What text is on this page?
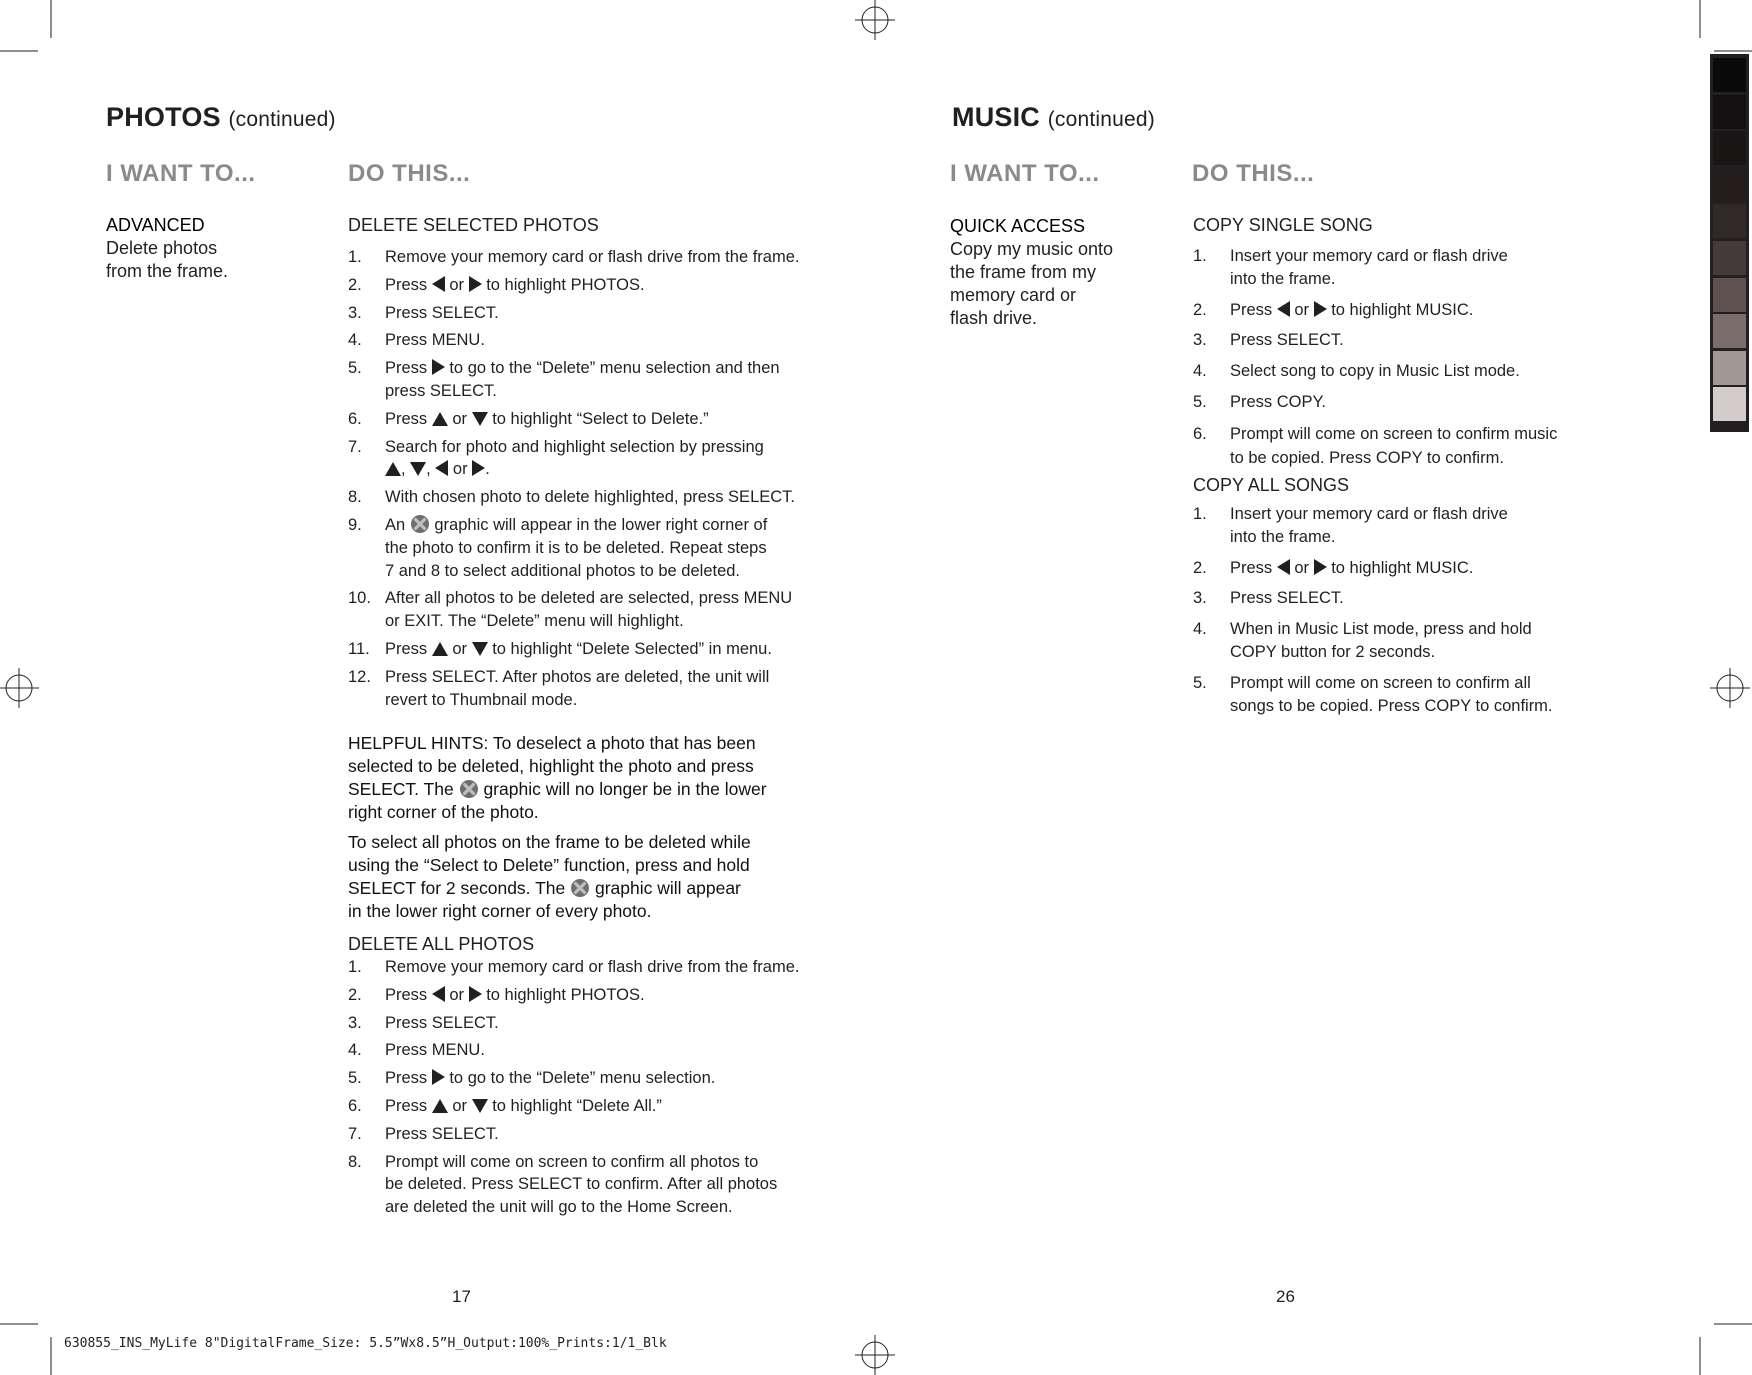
PHOTOS (continued)
I WANT TO...	DO THIS...
ADVANCED
Delete photos
from the frame.
DELETE SELECTED PHOTOS
1. Remove your memory card or flash drive from the frame.
2. Press  or  to highlight PHOTOS.
3. Press SELECT.
4. Press MENU.
5. Press  to go to the “Delete” menu selection and then
press SELECT.
6. Press  or  to highlight “Select to Delete.”
7. Search for photo and highlight selection by pressing
, ,  or .
8. With chosen photo to delete highlighted, press SELECT.
9. An  graphic will appear in the lower right corner of
the photo to confirm it is to be deleted. Repeat steps
7 and 8 to select additional photos to be deleted.
10. After all photos to be deleted are selected, press MENU
or EXIT. The “Delete” menu will highlight.
11. Press  or  to highlight “Delete Selected” in menu.
12. Press SELECT. After photos are deleted, the unit will
revert to Thumbnail mode.
HELPFUL HINTS: To deselect a photo that has been
selected to be deleted, highlight the photo and press
SELECT. The  graphic will no longer be in the lower
right corner of the photo.
To select all photos on the frame to be deleted while
using the “Select to Delete” function, press and hold
SELECT for 2 seconds. The  graphic will appear
in the lower right corner of every photo.
DELETE ALL PHOTOS
1. Remove your memory card or flash drive from the frame.
2. Press  or  to highlight PHOTOS.
3. Press SELECT.
4. Press MENU.
5. Press  to go to the “Delete” menu selection.
6. Press  or  to highlight “Delete All.”
7. Press SELECT.
8. Prompt will come on screen to confirm all photos to
be deleted. Press SELECT to confirm. After all photos
are deleted the unit will go to the Home Screen.
17
MUSIC (continued)
I WANT TO...	DO THIS...
QUICK ACCESS
Copy my music onto
the frame from my
memory card or
flash drive.
COPY SINGLE SONG
1. Insert your memory card or flash drive
into the frame.
2. Press  or  to highlight MUSIC.
3. Press SELECT.
4. Select song to copy in Music List mode.
5. Press COPY.
6. Prompt will come on screen to confirm music
to be copied. Press COPY to confirm.
COPY ALL SONGS
1. Insert your memory card or flash drive
into the frame.
2. Press  or  to highlight MUSIC.
3. Press SELECT.
4. When in Music List mode, press and hold
COPY button for 2 seconds.
5. Prompt will come on screen to confirm all
songs to be copied. Press COPY to confirm.
26
630855_INS_MyLife 8"DigitalFrame_Size: 5.5”Wx8.5”H_Output:100%_Prints:1/1_Blk
